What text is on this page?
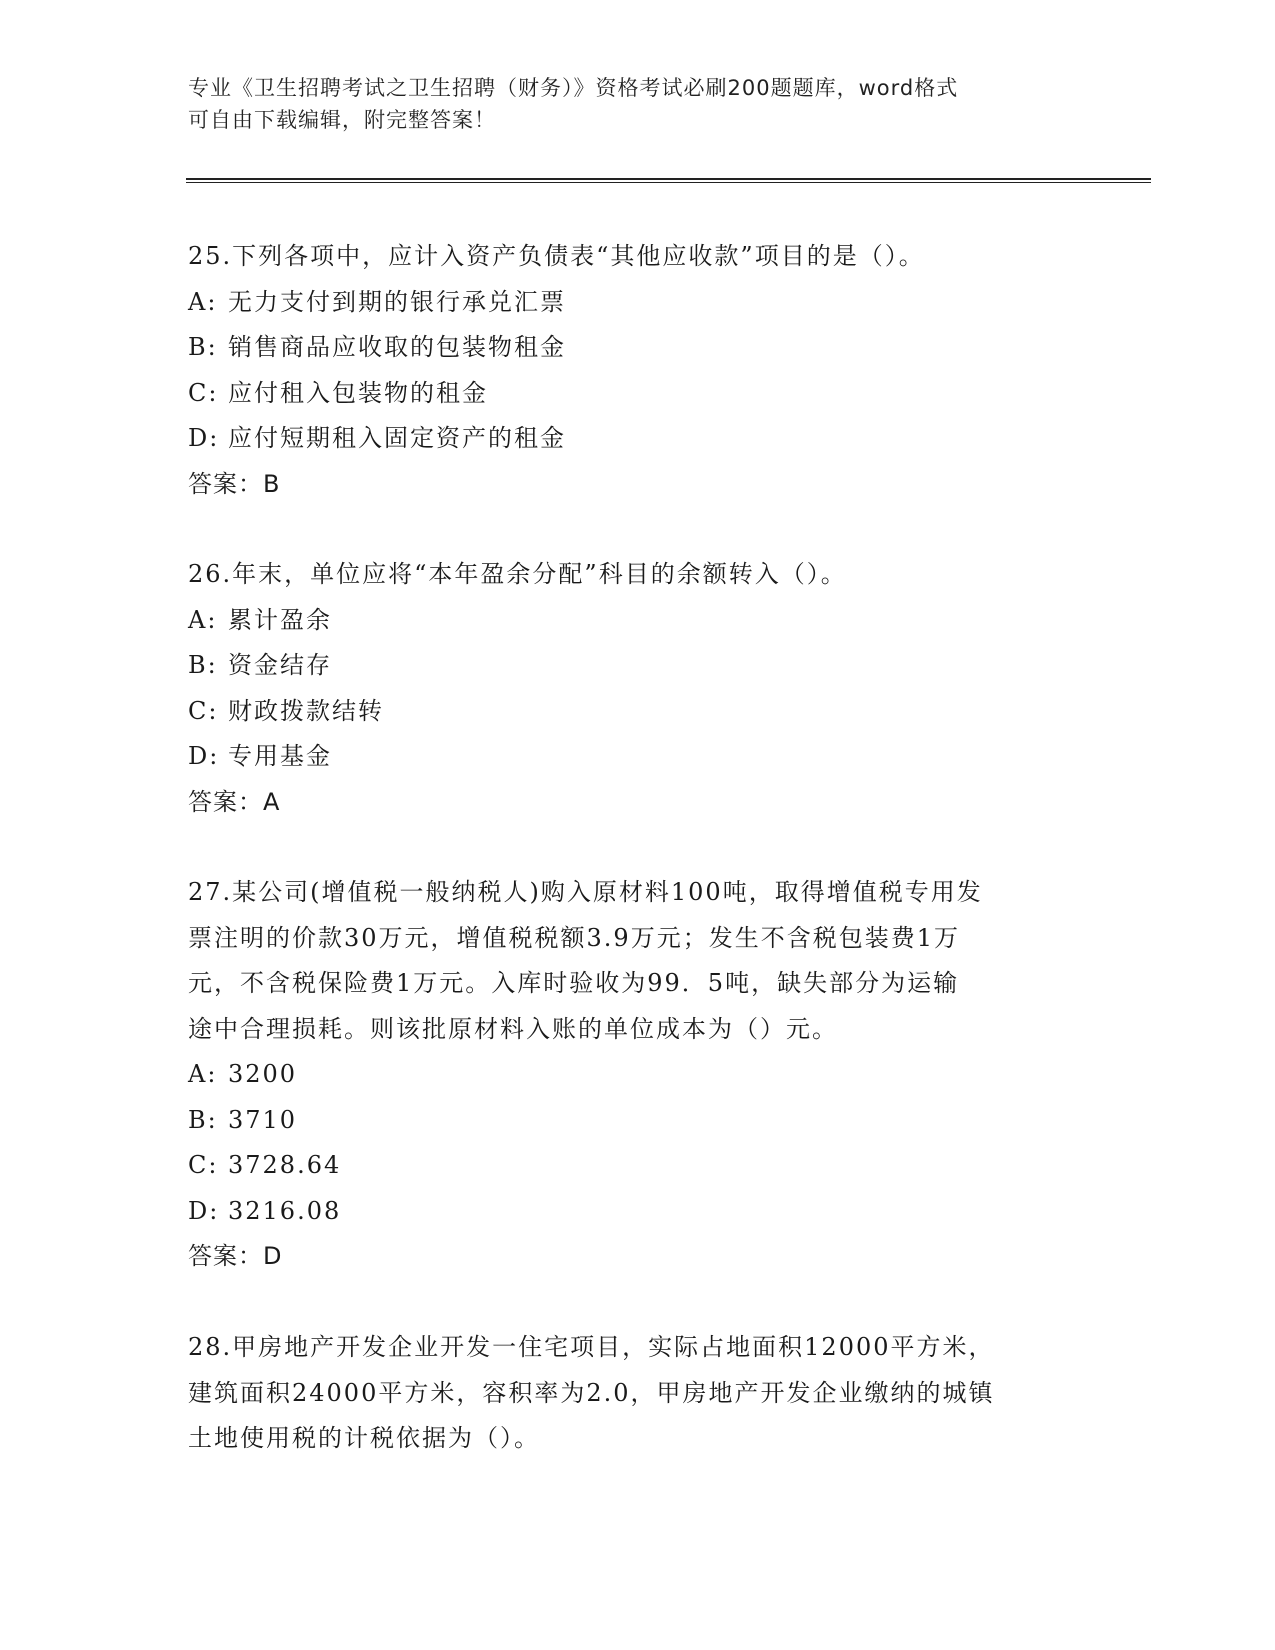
专业《卫生招聘考试之卫生招聘（财务）》资格考试必刷200题题库，word格式
可自由下载编辑，附完整答案！
25.下列各项中，应计入资产负债表“其他应收款”项目的是（）。
A: 无力支付到期的银行承兑汇票
B: 销售商品应收取的包装物租金
C: 应付租入包装物的租金
D: 应付短期租入固定资产的租金
答案：B
26.年末，单位应将“本年盈余分配”科目的余额转入（）。
A: 累计盈余
B: 资金结存
C: 财政拨款结转
D: 专用基金
答案：A
27.某公司(增值税一般纳税人)购入原材料100吨，取得增值税专用发
票注明的价款30万元，增值税税额3.9万元；发生不含税包装费1万
元，不含税保险费1万元。入库时验收为99．5吨，缺失部分为运输
途中合理损耗。则该批原材料入账的单位成本为（）元。
A: 3200
B: 3710
C: 3728.64
D: 3216.08
答案：D
28.甲房地产开发企业开发一住宅项目，实际占地面积12000平方米，
建筑面积24000平方米，容积率为2.0，甲房地产开发企业缴纳的城镇
土地使用税的计税依据为（）。
